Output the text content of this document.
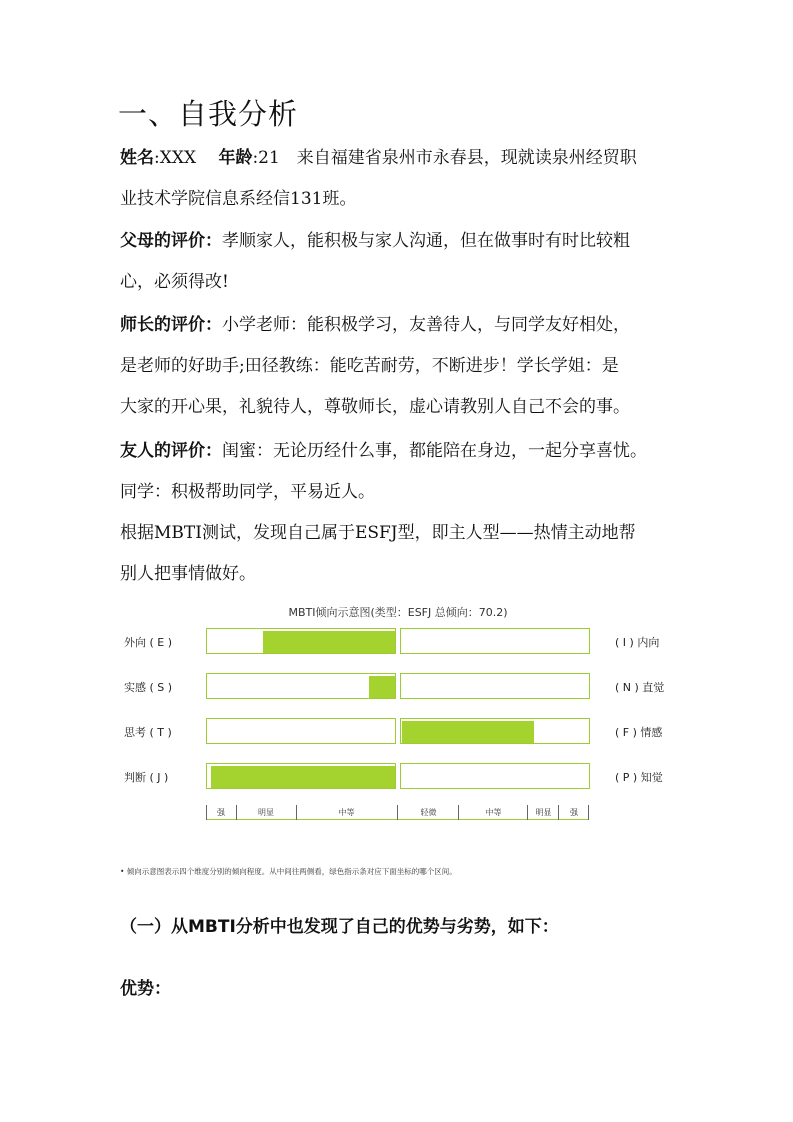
一、自我分析

姓名:XXX　 年龄:21　来自福建省泉州市永春县，现就读泉州经贸职
业技术学院信息系经信131班。

父母的评价：孝顺家人，能积极与家人沟通，但在做事时有时比较粗
心，必须得改!

师长的评价：小学老师：能积极学习，友善待人，与同学友好相处，
是老师的好助手;田径教练：能吃苦耐劳，不断进步！学长学姐：是
大家的开心果，礼貌待人，尊敬师长，虚心请教别人自己不会的事。

友人的评价：闺蜜：无论历经什么事，都能陪在身边，一起分享喜忧。
同学：积极帮助同学，平易近人。

根据MBTI测试，发现自己属于ESFJ型，即主人型——热情主动地帮
别人把事情做好。

MBTI倾向示意图(类型：ESFJ 总倾向：70.2)
外向 ( E )	( I ) 内向
实感 ( S )	( N ) 直觉
思考 ( T )	( F ) 情感
判断 ( J )	( P ) 知觉
强	明显	中等	轻微	中等	明显	强
• 倾向示意图表示四个维度分别的倾向程度。从中间往两侧看，绿色指示条对应下面坐标的哪个区间。

（一）从MBTI分析中也发现了自己的优势与劣势，如下：

优势：
